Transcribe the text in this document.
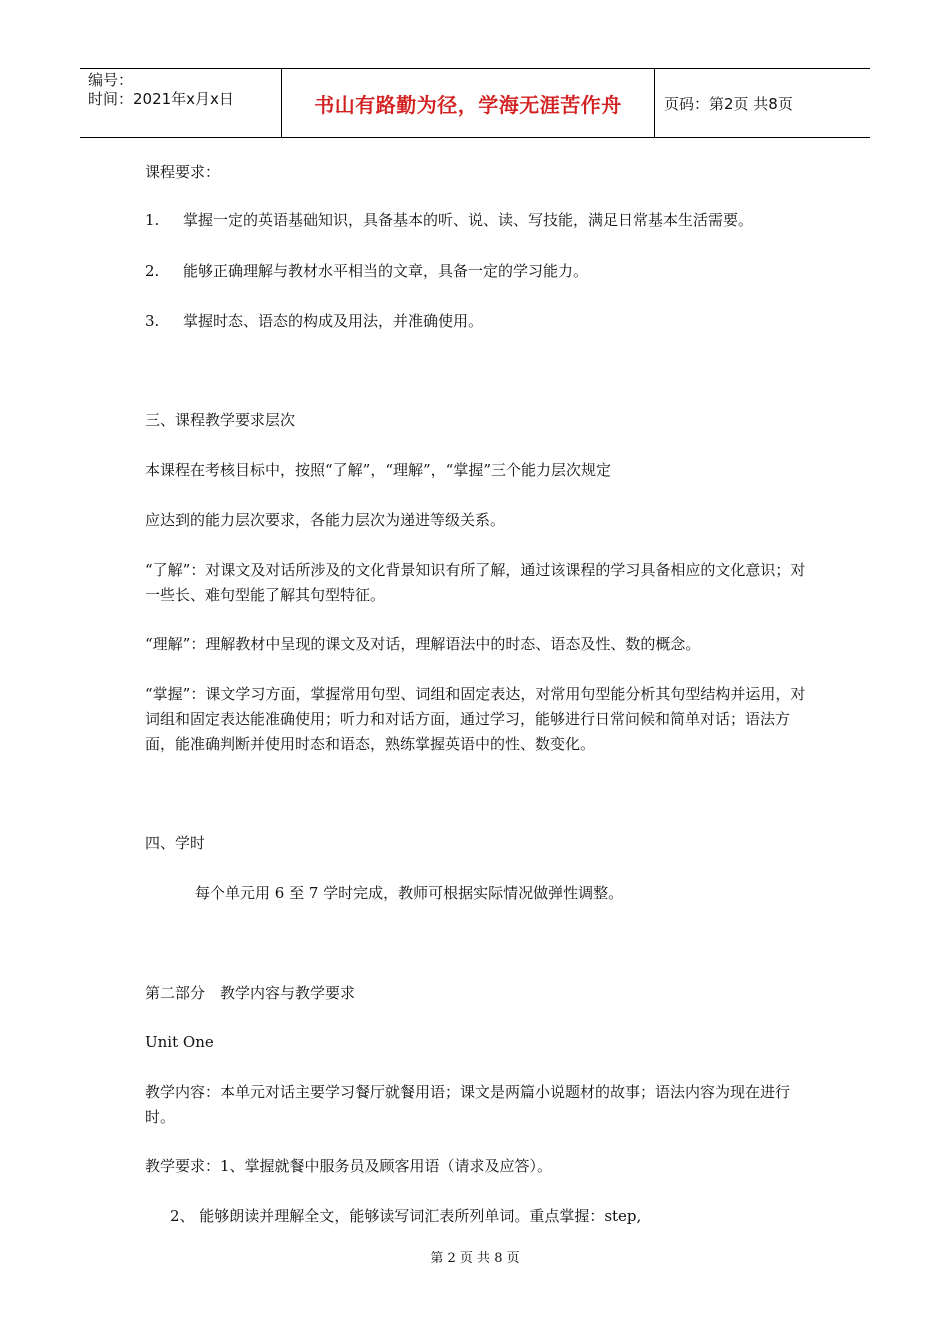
编号：
时间：2021年x月x日	书山有路勤为径，学海无涯苦作舟	页码：第2页 共8页

课程要求：

1. 掌握一定的英语基础知识，具备基本的听、说、读、写技能，满足日常基本生活需要。

2. 能够正确理解与教材水平相当的文章，具备一定的学习能力。

3. 掌握时态、语态的构成及用法，并准确使用。

三、课程教学要求层次

本课程在考核目标中，按照“了解”，“理解”，“掌握”三个能力层次规定

应达到的能力层次要求，各能力层次为递进等级关系。

“了解”：对课文及对话所涉及的文化背景知识有所了解，通过该课程的学习具备相应的文化意识；对一些长、难句型能了解其句型特征。

“理解”：理解教材中呈现的课文及对话，理解语法中的时态、语态及性、数的概念。

“掌握”：课文学习方面，掌握常用句型、词组和固定表达，对常用句型能分析其句型结构并运用，对词组和固定表达能准确使用；听力和对话方面，通过学习，能够进行日常问候和简单对话；语法方面，能准确判断并使用时态和语态，熟练掌握英语中的性、数变化。

四、学时

每个单元用 6 至 7 学时完成，教师可根据实际情况做弹性调整。

第二部分　教学内容与教学要求

Unit One

教学内容：本单元对话主要学习餐厅就餐用语；课文是两篇小说题材的故事；语法内容为现在进行时。

教学要求：1、掌握就餐中服务员及顾客用语（请求及应答）。

2、 能够朗读并理解全文，能够读写词汇表所列单词。重点掌握：step,

第 2 页 共 8 页
